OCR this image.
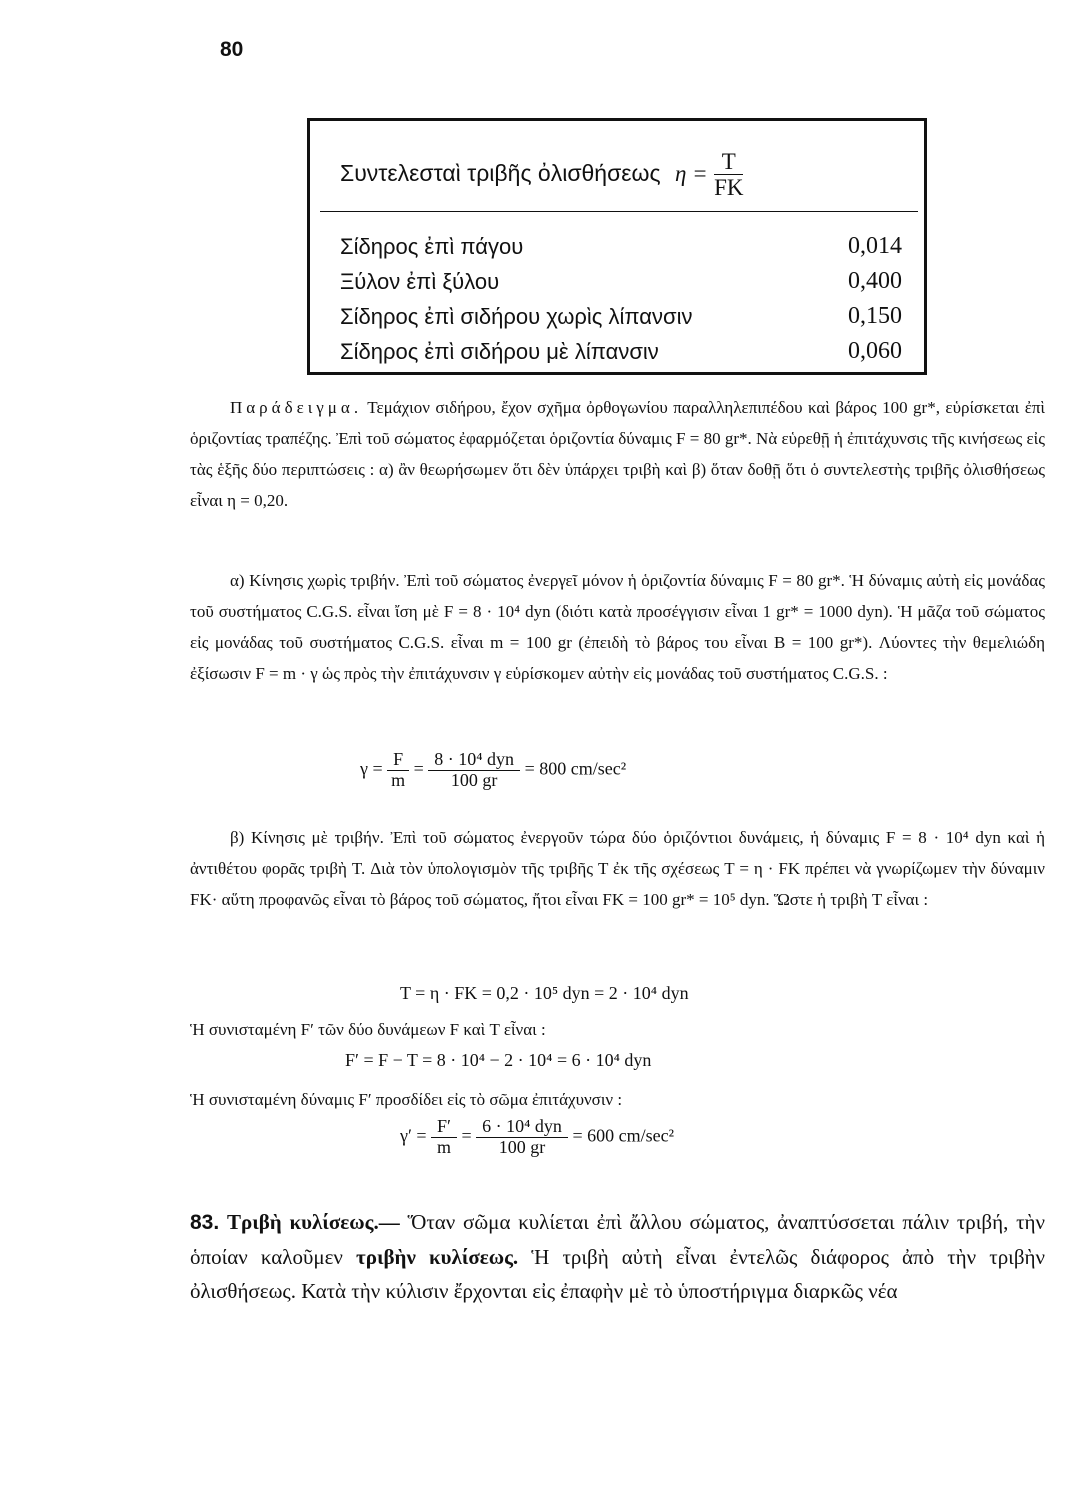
80
Συντελεσταὶ τριβῆς ὀλισθήσεως $\eta = \frac{T}{FK}$
Σίδηρος ἐπὶ πάγου	0,014
Ξύλον ἐπὶ ξύλου	0,400
Σίδηρος ἐπὶ σιδήρου χωρὶς λίπανσιν	0,150
Σίδηρος ἐπὶ σιδήρου μὲ λίπανσιν	0,060

Παράδειγμα. Τεμάχιον σιδήρου, ἔχον σχῆμα ὀρθογωνίου παραλληλεπιπέδου καὶ βάρος 100 gr*, εὑρίσκεται ἐπὶ ὁριζοντίας τραπέζης. Ἐπὶ τοῦ σώματος ἐφαρμόζεται ὁριζοντία δύναμις F = 80 gr*. Νὰ εὑρεθῇ ἡ ἐπιτάχυνσις τῆς κινήσεως εἰς τὰς ἑξῆς δύο περιπτώσεις : α) ἂν θεωρήσωμεν ὅτι δὲν ὑπάρχει τριβὴ καὶ β) ὅταν δοθῇ ὅτι ὁ συντελεστὴς τριβῆς ὀλισθήσεως εἶναι η = 0,20.

α) Κίνησις χωρὶς τριβήν. Ἐπὶ τοῦ σώματος ἐνεργεῖ μόνον ἡ ὁριζοντία δύναμις F = 80 gr*. Ἡ δύναμις αὐτὴ εἰς μονάδας τοῦ συστήματος C.G.S. εἶναι ἴση μὲ F = 8 · 10⁴ dyn (διότι κατὰ προσέγγισιν εἶναι 1 gr* = 1000 dyn). Ἡ μᾶζα τοῦ σώματος εἰς μονάδας τοῦ συστήματος C.G.S. εἶναι m = 100 gr (ἐπειδὴ τὸ βάρος του εἶναι B = 100 gr*). Λύοντες τὴν θεμελιώδη ἐξίσωσιν F = m · γ ὡς πρὸς τὴν ἐπιτάχυνσιν γ εὑρίσκομεν αὐτὴν εἰς μονάδας τοῦ συστήματος C.G.S. :

$\gamma = \frac{F}{m} = \frac{\text{8 · 10⁴ dyn}}{100 gr} = 800$ cm/sec²

β) Κίνησις μὲ τριβήν. Ἐπὶ τοῦ σώματος ἐνεργοῦν τώρα δύο ὁριζόντιοι δυνάμεις, ἡ δύναμις F = 8 · 10⁴ dyn καὶ ἡ ἀντιθέτου φορᾶς τριβὴ T. Διὰ τὸν ὑπολογισμὸν τῆς τριβῆς T ἐκ τῆς σχέσεως T = η · FΚ πρέπει νὰ γνωρίζωμεν τὴν δύναμιν FΚ· αὕτη προφανῶς εἶναι τὸ βάρος τοῦ σώματος, ἤτοι εἶναι FΚ = 100 gr* = 10⁵ dyn. Ὥστε ἡ τριβὴ T εἶναι :

T = η · FΚ = 0,2 · 10⁵ dyn = 2 · 10⁴ dyn

Ἡ συνισταμένη F′ τῶν δύο δυνάμεων F καὶ T εἶναι :

F′ = F − T = 8 · 10⁴ − 2 · 10⁴ = 6 · 10⁴ dyn

Ἡ συνισταμένη δύναμις F′ προσδίδει εἰς τὸ σῶμα ἐπιτάχυνσιν :

$\gamma' = \frac{F'}{m} = \frac{\text{6 · 10⁴ dyn}}{100 gr} = 600$ cm/sec²

83. Τριβὴ κυλίσεως.— Ὅταν σῶμα κυλίεται ἐπὶ ἄλλου σώματος, ἀναπτύσσεται πάλιν τριβή, τὴν ὁποίαν καλοῦμεν τριβὴν κυλίσεως. Ἡ τριβὴ αὐτὴ εἶναι ἐντελῶς διάφορος ἀπὸ τὴν τριβὴν ὀλισθήσεως. Κατὰ τὴν κύλισιν ἔρχονται εἰς ἐπαφὴν μὲ τὸ ὑποστήριγμα διαρκῶς νέα
